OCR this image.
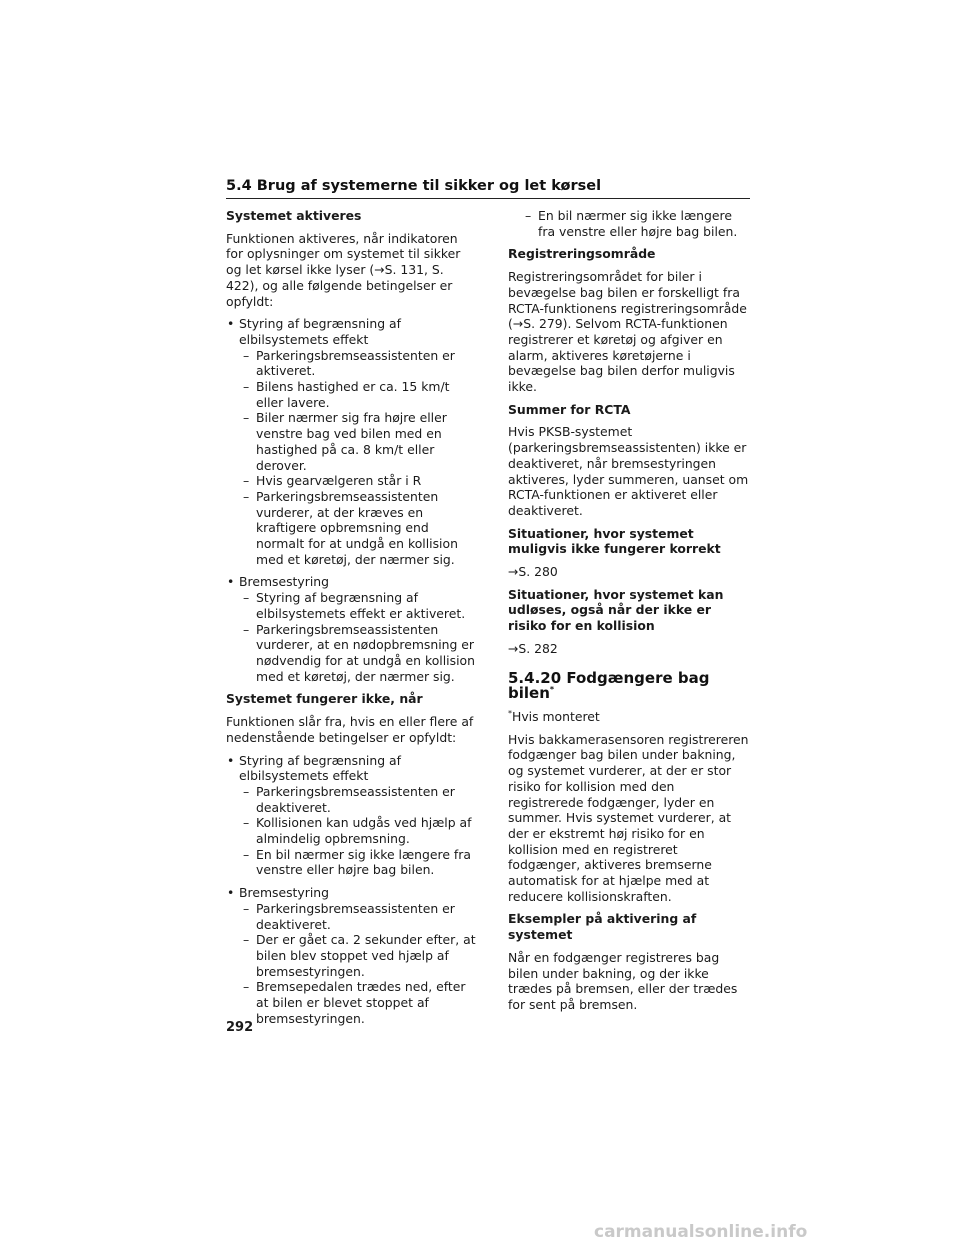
5.4 Brug af systemerne til sikker og let kørsel
Systemet aktiveres
Funktionen aktiveres, når indikatoren for oplysninger om systemet til sikker og let kørsel ikke lyser (→S. 131, S. 422), og alle følgende betingelser er opfyldt:
• Styring af begrænsning af elbilsystemets effekt
– Parkeringsbremseassistenten er aktiveret.
– Bilens hastighed er ca. 15 km/t eller lavere.
– Biler nærmer sig fra højre eller venstre bag ved bilen med en hastighed på ca. 8 km/t eller derover.
– Hvis gearvælgeren står i R
– Parkeringsbremseassistenten vurderer, at der kræves en kraftigere opbremsning end normalt for at undgå en kollision med et køretøj, der nærmer sig.
• Bremsestyring
– Styring af begrænsning af elbilsystemets effekt er aktiveret.
– Parkeringsbremseassistenten vurderer, at en nødopbremsning er nødvendig for at undgå en kollision med et køretøj, der nærmer sig.
Systemet fungerer ikke, når
Funktionen slår fra, hvis en eller flere af nedenstående betingelser er opfyldt:
• Styring af begrænsning af elbilsystemets effekt
– Parkeringsbremseassistenten er deaktiveret.
– Kollisionen kan udgås ved hjælp af almindelig opbremsning.
– En bil nærmer sig ikke længere fra venstre eller højre bag bilen.
• Bremsestyring
– Parkeringsbremseassistenten er deaktiveret.
– Der er gået ca. 2 sekunder efter, at bilen blev stoppet ved hjælp af bremsestyringen.
– Bremsepedalen trædes ned, efter at bilen er blevet stoppet af bremsestyringen.
– En bil nærmer sig ikke længere fra venstre eller højre bag bilen.
Registreringsområde
Registreringsområdet for biler i bevægelse bag bilen er forskelligt fra RCTA-funktionens registreringsområde (→S. 279). Selvom RCTA-funktionen registrerer et køretøj og afgiver en alarm, aktiveres køretøjerne i bevægelse bag bilen derfor muligvis ikke.
Summer for RCTA
Hvis PKSB-systemet (parkeringsbremseassistenten) ikke er deaktiveret, når bremsestyringen aktiveres, lyder summeren, uanset om RCTA-funktionen er aktiveret eller deaktiveret.
Situationer, hvor systemet muligvis ikke fungerer korrekt
→S. 280
Situationer, hvor systemet kan udløses, også når der ikke er risiko for en kollision
→S. 282
5.4.20 Fodgængere bag bilen*
*Hvis monteret
Hvis bakkamerasensoren registrereren fodgænger bag bilen under bakning, og systemet vurderer, at der er stor risiko for kollision med den registrerede fodgænger, lyder en summer. Hvis systemet vurderer, at der er ekstremt høj risiko for en kollision med en registreret fodgænger, aktiveres bremserne automatisk for at hjælpe med at reducere kollisionskraften.
Eksempler på aktivering af systemet
Når en fodgænger registreres bag bilen under bakning, og der ikke trædes på bremsen, eller der trædes for sent på bremsen.
292
carmanualsonline.info
